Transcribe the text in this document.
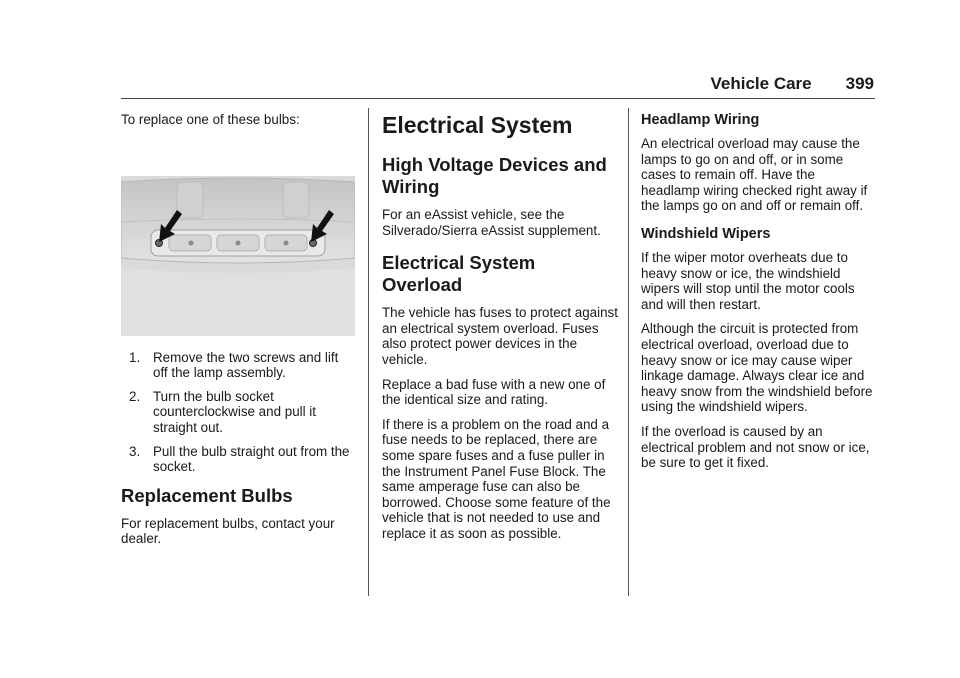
Vehicle Care 399

To replace one of these bulbs:

1. Remove the two screws and lift off the lamp assembly.
2. Turn the bulb socket counterclockwise and pull it straight out.
3. Pull the bulb straight out from the socket.
Replacement Bulbs

For replacement bulbs, contact your dealer.

Electrical System
High Voltage Devices and Wiring

For an eAssist vehicle, see the Silverado/Sierra eAssist supplement.

Electrical System Overload

The vehicle has fuses to protect against an electrical system overload. Fuses also protect power devices in the vehicle.

Replace a bad fuse with a new one of the identical size and rating.

If there is a problem on the road and a fuse needs to be replaced, there are some spare fuses and a fuse puller in the Instrument Panel Fuse Block. The same amperage fuse can also be borrowed. Choose some feature of the vehicle that is not needed to use and replace it as soon as possible.

Headlamp Wiring

An electrical overload may cause the lamps to go on and off, or in some cases to remain off. Have the headlamp wiring checked right away if the lamps go on and off or remain off.

Windshield Wipers

If the wiper motor overheats due to heavy snow or ice, the windshield wipers will stop until the motor cools and will then restart.

Although the circuit is protected from electrical overload, overload due to heavy snow or ice may cause wiper linkage damage. Always clear ice and heavy snow from the windshield before using the windshield wipers.

If the overload is caused by an electrical problem and not snow or ice, be sure to get it fixed.
